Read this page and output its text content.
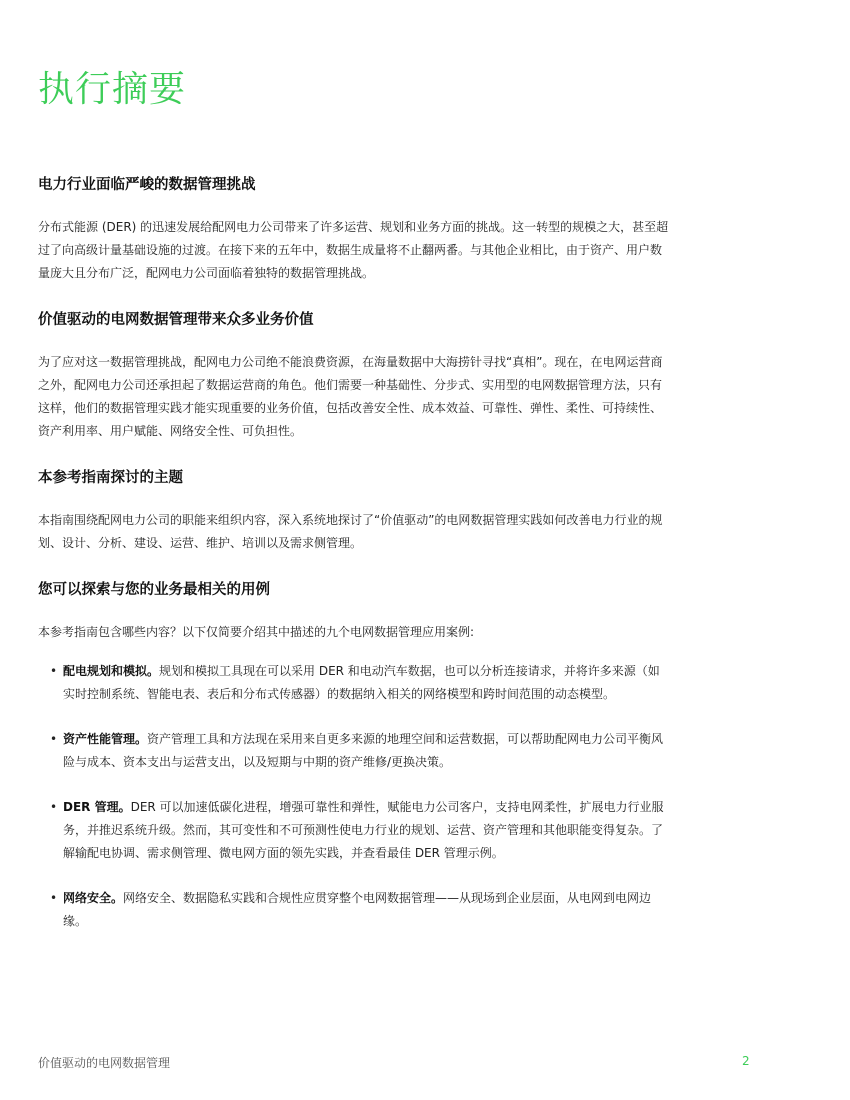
执行摘要
电力行业面临严峻的数据管理挑战

分布式能源 (DER) 的迅速发展给配网电力公司带来了许多运营、规划和业务方面的挑战。这一转型的规模之大，甚至超过了向高级计量基础设施的过渡。在接下来的五年中，数据生成量将不止翻两番。与其他企业相比，由于资产、用户数量庞大且分布广泛，配网电力公司面临着独特的数据管理挑战。

价值驱动的电网数据管理带来众多业务价值

为了应对这一数据管理挑战，配网电力公司绝不能浪费资源，在海量数据中大海捞针寻找“真相”。现在，在电网运营商之外，配网电力公司还承担起了数据运营商的角色。他们需要一种基础性、分步式、实用型的电网数据管理方法，只有这样，他们的数据管理实践才能实现重要的业务价值，包括改善安全性、成本效益、可靠性、弹性、柔性、可持续性、资产利用率、用户赋能、网络安全性、可负担性。

本参考指南探讨的主题

本指南围绕配网电力公司的职能来组织内容，深入系统地探讨了“价值驱动”的电网数据管理实践如何改善电力行业的规划、设计、分析、建设、运营、维护、培训以及需求侧管理。

您可以探索与您的业务最相关的用例

本参考指南包含哪些内容？以下仅简要介绍其中描述的九个电网数据管理应用案例:

• 配电规划和模拟。规划和模拟工具现在可以采用 DER 和电动汽车数据，也可以分析连接请求，并将许多来源（如实时控制系统、智能电表、表后和分布式传感器）的数据纳入相关的网络模型和跨时间范围的动态模型。
• 资产性能管理。资产管理工具和方法现在采用来自更多来源的地理空间和运营数据，可以帮助配网电力公司平衡风险与成本、资本支出与运营支出，以及短期与中期的资产维修/更换决策。
• DER 管理。DER 可以加速低碳化进程，增强可靠性和弹性，赋能电力公司客户，支持电网柔性，扩展电力行业服务，并推迟系统升级。然而，其可变性和不可预测性使电力行业的规划、运营、资产管理和其他职能变得复杂。了解输配电协调、需求侧管理、微电网方面的领先实践，并查看最佳 DER 管理示例。
• 网络安全。网络安全、数据隐私实践和合规性应贯穿整个电网数据管理——从现场到企业层面，从电网到电网边缘。
价值驱动的电网数据管理	2
